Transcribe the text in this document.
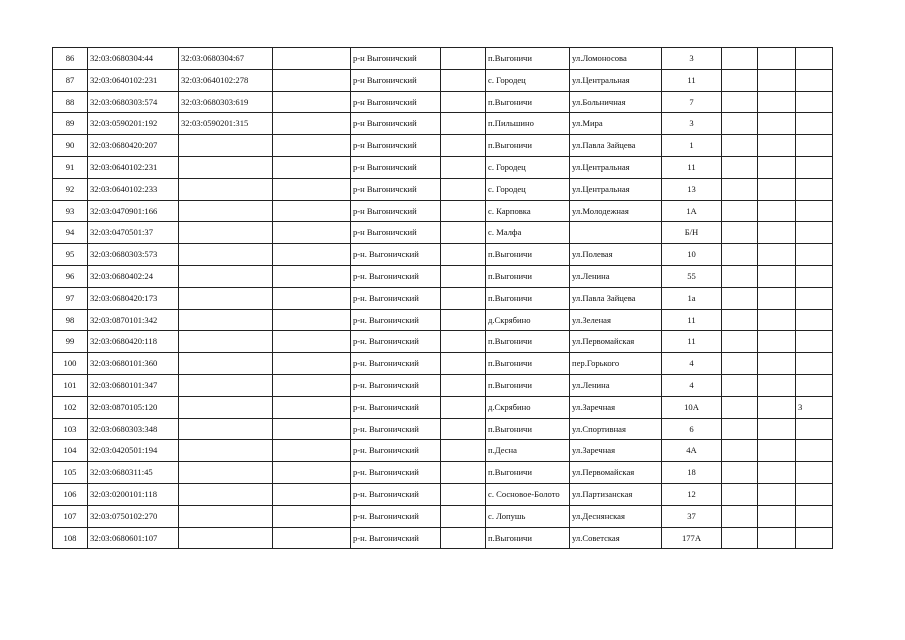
86	32:03:0680304:44	32:03:0680304:67		р-н Выгоничский		п.Выгоничи	ул.Ломоносова	3			
87	32:03:0640102:231	32:03:0640102:278		р-н Выгоничский		с. Городец	ул.Центральная	11			
88	32:03:0680303:574	32:03:0680303:619		р-н Выгоничский		п.Выгоничи	ул.Больничная	7			
89	32:03:0590201:192	32:03:0590201:315		р-н Выгоничский		п.Пильшино	ул.Мира	3			
90	32:03:0680420:207			р-н Выгоничский		п.Выгоничи	ул.Павла Зайцева	1			
91	32:03:0640102:231			р-н Выгоничский		с. Городец	ул.Центральная	11			
92	32:03:0640102:233			р-н Выгоничский		с. Городец	ул.Центральная	13			
93	32:03:0470901:166			р-н Выгоничский		с. Карповка	ул.Молодежная	1А			
94	32:03:0470501:37			р-н Выгоничский		с. Малфа		Б/Н			
95	32:03:0680303:573			р-н. Выгоничский		п.Выгоничи	ул.Полевая	10			
96	32:03:0680402:24			р-н. Выгоничский		п.Выгоничи	ул.Ленина	55			
97	32:03:0680420:173			р-н. Выгоничский		п.Выгоничи	ул.Павла Зайцева	1а			
98	32:03:0870101:342			р-н. Выгоничский		д.Скрябино	ул.Зеленая	11			
99	32:03:0680420:118			р-н. Выгоничский		п.Выгоничи	ул.Первомайская	11			
100	32:03:0680101:360			р-н. Выгоничский		п.Выгоничи	пер.Горького	4			
101	32:03:0680101:347			р-н. Выгоничский		п.Выгоничи	ул.Ленина	4			
102	32:03:0870105:120			р-н. Выгоничский		д.Скрябино	ул.Заречная	10А			3
103	32:03:0680303:348			р-н. Выгоничский		п.Выгоничи	ул.Спортивная	6			
104	32:03:0420501:194			р-н. Выгоничский		п.Десна	ул.Заречная	4А			
105	32:03:0680311:45			р-н. Выгоничский		п.Выгоничи	ул.Первомайская	18			
106	32:03:0200101:118			р-н. Выгоничский		с. Сосновое-Болото	ул.Партизанская	12			
107	32:03:0750102:270			р-н. Выгоничский		с. Лопушь	ул.Деснянская	37			
108	32:03:0680601:107			р-н. Выгоничский		п.Выгоничи	ул.Советская	177А			
